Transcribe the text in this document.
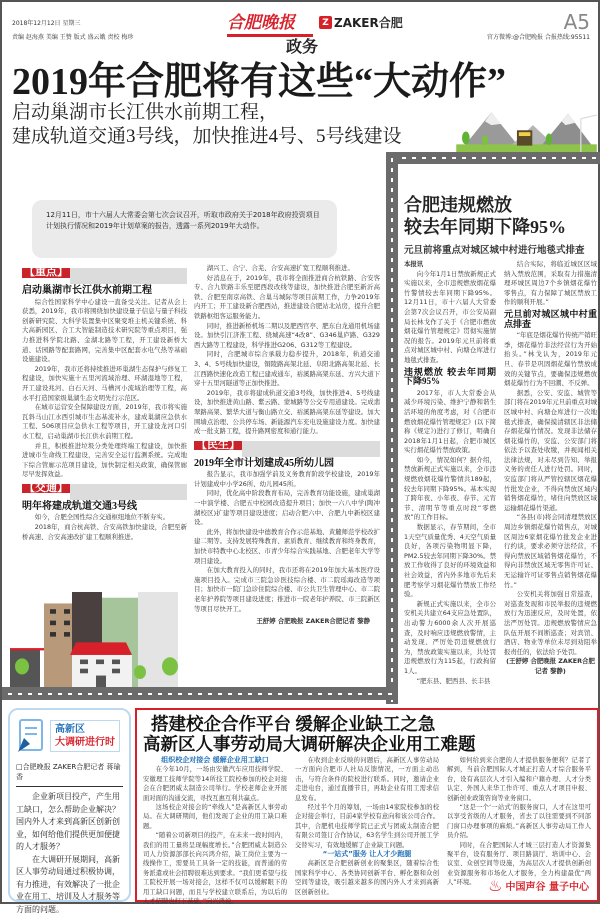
2018年12月12日 星期三
责编 赵海燕 美编 王赞 版式 盛云娥 责校 梅珍
合肥晚报	Z ZAKER合肥
政务
A5
官方微博:@合肥晚报 合报热线:95511
2019年合肥将有这些“大动作”
启动巢湖市长江供水前期工程，
建成轨道交通3号线，加快推进4号、5号线建设
12月11日，市十六届人大常委会第七次会议召开，听取市政府关于2018年政府投资项目计划执行情况和2019年计划草案的报告，透露一系列2019年大动作。
【重点】
启动巢湖市长江供水前期工程

综合性国家科学中心建设一直备受关注。记者从会上获悉，2019年，我市将围绕加快建设量子信息与量子科技创新研究院、大科学装置集中区聚变堆主机关键系统、科大高新园区、合工大智能制造技术研究院等重点项目，强力推进科学院北路、金湖北路等工程，开工建设新桥大道、话园路等配套路网，完善集中区配套水电气热等基础设施建设。

2019年，我市还将持续推进环巢湖生态保护与修复工程建设，加快实施十五里河流域治理、环湖湿地等工程，开工建设兆河、白石天河、马槽河小流域治理等工程，高水平打造国家级巢湖生态文明先行示范区。

在城市运营安全保障建设方面，2019年，我市将实施瓦斜马山江水西引城市生态基流补水，建成巢湖应急供水工程、506项目应急供水工程等项目，开工建设龙河口引水工程，启动巢湖市长江供水前期工程。

并且，积极推进垃圾分类处理终端工程建设，加快推进城市生命线工程建设，完善安全运行监测系统。完成地下综合管廊示范项目建设，加快制定相关政策，确保管廊尽早发挥效益。

【交通】
明年将建成轨道交通3号线

如今，合肥全国性综合交通枢纽地位不断夯实。

2018年，商合杭高铁、合安高铁加快建设，合肥至新桥高速、合安高速改扩建工程顺利推进。

湖兴工、合宁、合芜、合安高速扩宽工程顺利推进。

好消息在于，2019年，我市将全面推进商合杭铁路、合安客专、合九铁路丰乐至肥西段改线等建设，加快推进合肥至新沂高铁、合肥至南京高铁、合巢马城际等项目前期工作，力争2019年内开工；开工建设新合肥西站，推进建设合肥站北站房，提升合肥铁路枢纽客运服务能力。

同时，推进新桥机场二期以及肥西官亭、肥东白龙通用机场建设。加快引江济淮工程、绕城高速“4改8”、G346巢庐路、G329西大路等工程建设，科学推进G206、G312等工程建设。

同时，合肥城市综合承载力稳步提升，2018年，轨道交通3、4、5号线加快建设，铜陵路高架北延、阜阳北路高架北延、长江西路快速化改造工程已建成通车，裕溪路高架东延、方兴大道下穿十五里河隧道等正加快推进。

2019年，我市将建成轨道交通3号线，加快推进4、5号线建设，加快推进黄山路、紫云路、蒙城路等公交专用道建设。完成翡翠路高架、繁华大道与衡山路立交、裕溪路高架东延等建设。加大围墙点治理、公共停车场、新能源汽车充电设施建设力度。加快建成一批支路工程，提升路网密度和通行能力。

【民生】
2019年全市计划建成45所幼儿园

报告显示，我市加强学前及义务教育阶段学校建设，2019年计划建成中小学26所、幼儿园45所。

同时，优化高中阶段教育布局，完善教育功能设施，建成巢湖一中演学楼、合肥五中校园改造提升项目；加快一六八中学(陶冲湖校区)扩建等项目建设进度；启动合肥六中、合肥九中新校区建设。

此外，将加快建设中德教育合作示范基地、黄麓师范学校改扩建二期等。支持发展特殊教育、素质教育、继续教育和终身教育，加快市特教中心北校区、市青少年综合实践基地、合肥老年大学等项目建设。

在加大教育投入的同时，我市还将在2019年加大基本医疗设施项目投入。完成市三院急诊医技综合楼、市二院瑶海改造等项目；加快市一院门急诊住院综合楼、市公共卫生管理中心、市二院老年护养院等项目建设进度；推进市一院老年护养院、市三院新区等项目尽快开工。

王舒婷 合肥晚报 ZAKER合肥记者 黎静
合肥违规燃放
较去年同期下降95%
元旦前将重点对城区城中村进行地毯式排查
本报讯

向今年1月1日禁放新规正式实施以来，全市违规燃放烟花爆竹警情较去年同期下降95%。12月11日，市十六届人大常委会第7次会议召开，市公安局副局长林戈作了关于《合肥市燃放烟花爆竹管理规定》贯彻实施情况的报告。2019年元旦前将重点对城区城中村、向塘仓库进行地毯式排查。

违规燃放 较去年同期下降95%

2017年，市人大常委会从减少环境污染、维护宁静和谐生活环境的角度考虑，对《合肥市燃放烟花爆竹管理规定》(以下简称《规定》)进行了修订，明确自2018年1月1日起，合肥市城区实行烟花爆竹禁放政策。

如今，情况如何？据介绍，禁放新规正式实施以来，全市违规燃放烟花爆竹警情共189起，较去年同期下降95%。基本实现了跨年夜、小年夜、春节、元宵节、清明节等重点时段“零燃放”的工作目标。

数据显示，春节期间，全市1天空气质量优秀、4天空气质量良好，各项污染物明显下降，PM2.5较去年同期下降30%。禁放工作收得了良好的环境效益和社会效益，省内外多地市先后来肥考察学习烟花爆竹禁放工作经验。

新规正式实施以来，全市公安机关共建立64支应急处置队，出动警力6000余人次开展巡查，及时响应违规燃放警情，主动发现、严厉处罚违规燃放行为，禁放政策实施以来，共处罚违规燃放行为115起，行政拘留1人。

“肥东县、肥西县、长丰县

结合实际，将临近城区区域纳入禁放范围，采取有力措施清理环城区周边7个乡镇烟花爆竹零售点，有力保障了城区禁放工作的顺利开展。”

元旦前对城区城中村重点排查

“年底是烟花爆竹传统产销旺季，烟花爆竹非法经营行为开始抬头。”林戈认为，2019年元旦、春节是巩固烟花爆竹禁放成效的关键节点，要确保违规燃放烟花爆竹行为不回潮、不反弹。

据悉，公安、安监、城管等部门将在2019年元旦前重点对城区城中村、向塘仓库进行一次地毯式排查，确保摸清辖区非法储存烟花爆竹情况。发现非法储存烟花爆竹的，安监、公安部门将依法予以查处收缴，并视闻相关法律法规，对未尽到告知、举报义务的责任人进行处罚。同时，安监部门将从严管控辖区烟花爆竹批发企业，不得向禁放区域内销售烟花爆竹，堵住向禁放区域运输烟花爆竹渠道。

“各县(市)将会同清理禁放区周边乡镇烟花爆竹销售点，对城区周边6家烟花爆竹批发企业进行约谈，要求必须守法经营，不得向禁放区域销售烟花爆竹，不得向非禁放区域无零售许可证、无运输许可证零售点销售烟花爆竹。”

公安机关将加强日常巡查，对巡查发现和市民举报的违规燃放行为迅速反应，及时处置，依法严厉处罚。违规燃放警情应急队伍开展不间断巡查；对宾馆、酒店、物业等单位未尽到劝阻举报责任的，依法给予处罚。

(王舒婷 合肥晚报 ZAKER合肥记者 黎静)
高新区
大调研进行时
□合肥晚报 ZAKER合肥记者 蒋瑜香

企业新项目投产，产生用工缺口，怎么帮助企业解决？国内外人才来到高新区创新创业，如何给他们提供更加便捷的人才服务？

在大调研开展期间，高新区人事劳动局通过积极协调，有力推进，有效解决了一批企业在用工、培训及人才服务等方面的问题。

搭建校企合作平台 缓解企业缺工之急
高新区人事劳动局大调研解决企业用工难题
组织校企对接会 缓解企业用工缺口

在今年10月，一场由安徽汽车应用技师学院、安徽理工技师学院等14所技工院校参加的校企对接会在合肥团威太制造公司举行。学校老师企业开展面对面的沟通交流，寻找互惠互利共赢点。

这场校企对接会的“牵线人”是高新区人事劳动局。在大调研期间，他们发现了企业的用工缺口难题。

“随着公司新项目的投产，在未来一段时间内，我们的用工量将呈现幅度增长。”合肥团威太制造公司人力资源部部长向兴鸿介绍，缺工岗位主要为一线操作工，需要员工具备一定的技能，而普通的劳务派遣或社会招聘很难达到要求。“我们更希望与技工院校开展一场对接会，这样不仅可以缓解眼下的用工缺口问题，而且与学校建立联系后，为以后的人才招聘也打下基础。”向兴鸿说。

在收到企业反映的问题后，高新区人事劳动局一方面向合肥市人社局反馈情况，一方面主动出击，与符合条件的院校进行联系。同时，邀请企业走进电台，通过直播节目，再助企业有用工需求信息发布。

经过半个月的筹划，一场由14家院校参加的校企对接会举行，目前4家学校有意向和该公司合作。其中，合肥机电技师学院已正式与团威太制造合肥有限公司签订合作协议，63名学生到公司开展工学交替实习，有效地缓解了企业缺工问题。

“一站式”服务 让人才少跑腿

高新区是合肥创新创业的聚集区，随着综合性国家科学中心、各类协同创新平台、孵化器和众创空间等建设，吸引越来越多的国内外人才来到高新区创新创业。

如何给到来合肥的人才提供服务便利？记者了解到，当前合肥国际人才城正打造人才综合服务平台，设有高层次人才引入编和户籍办理、人才分类认定、外国人来华工作许可、重点人才项目申报、创新创业政策咨询等业务窗口。

“这是一个‘一站式’的服务窗口，人才在这里可以享受省级的人才服务，省去了以往需要到不同部门窗口办理事项的麻烦。”高新区人事劳动局工作人员介绍。

同时，在合肥国际人才城三层打造人才资源集聚平台，设有服务厅、项目路演厅、培训中心、会议室、众创空间等设施，为高层次人才提供创新创业资源服务和市场化人才服务，全力构建最优“两人”环境。 ♨ 中国声谷 量子中心
